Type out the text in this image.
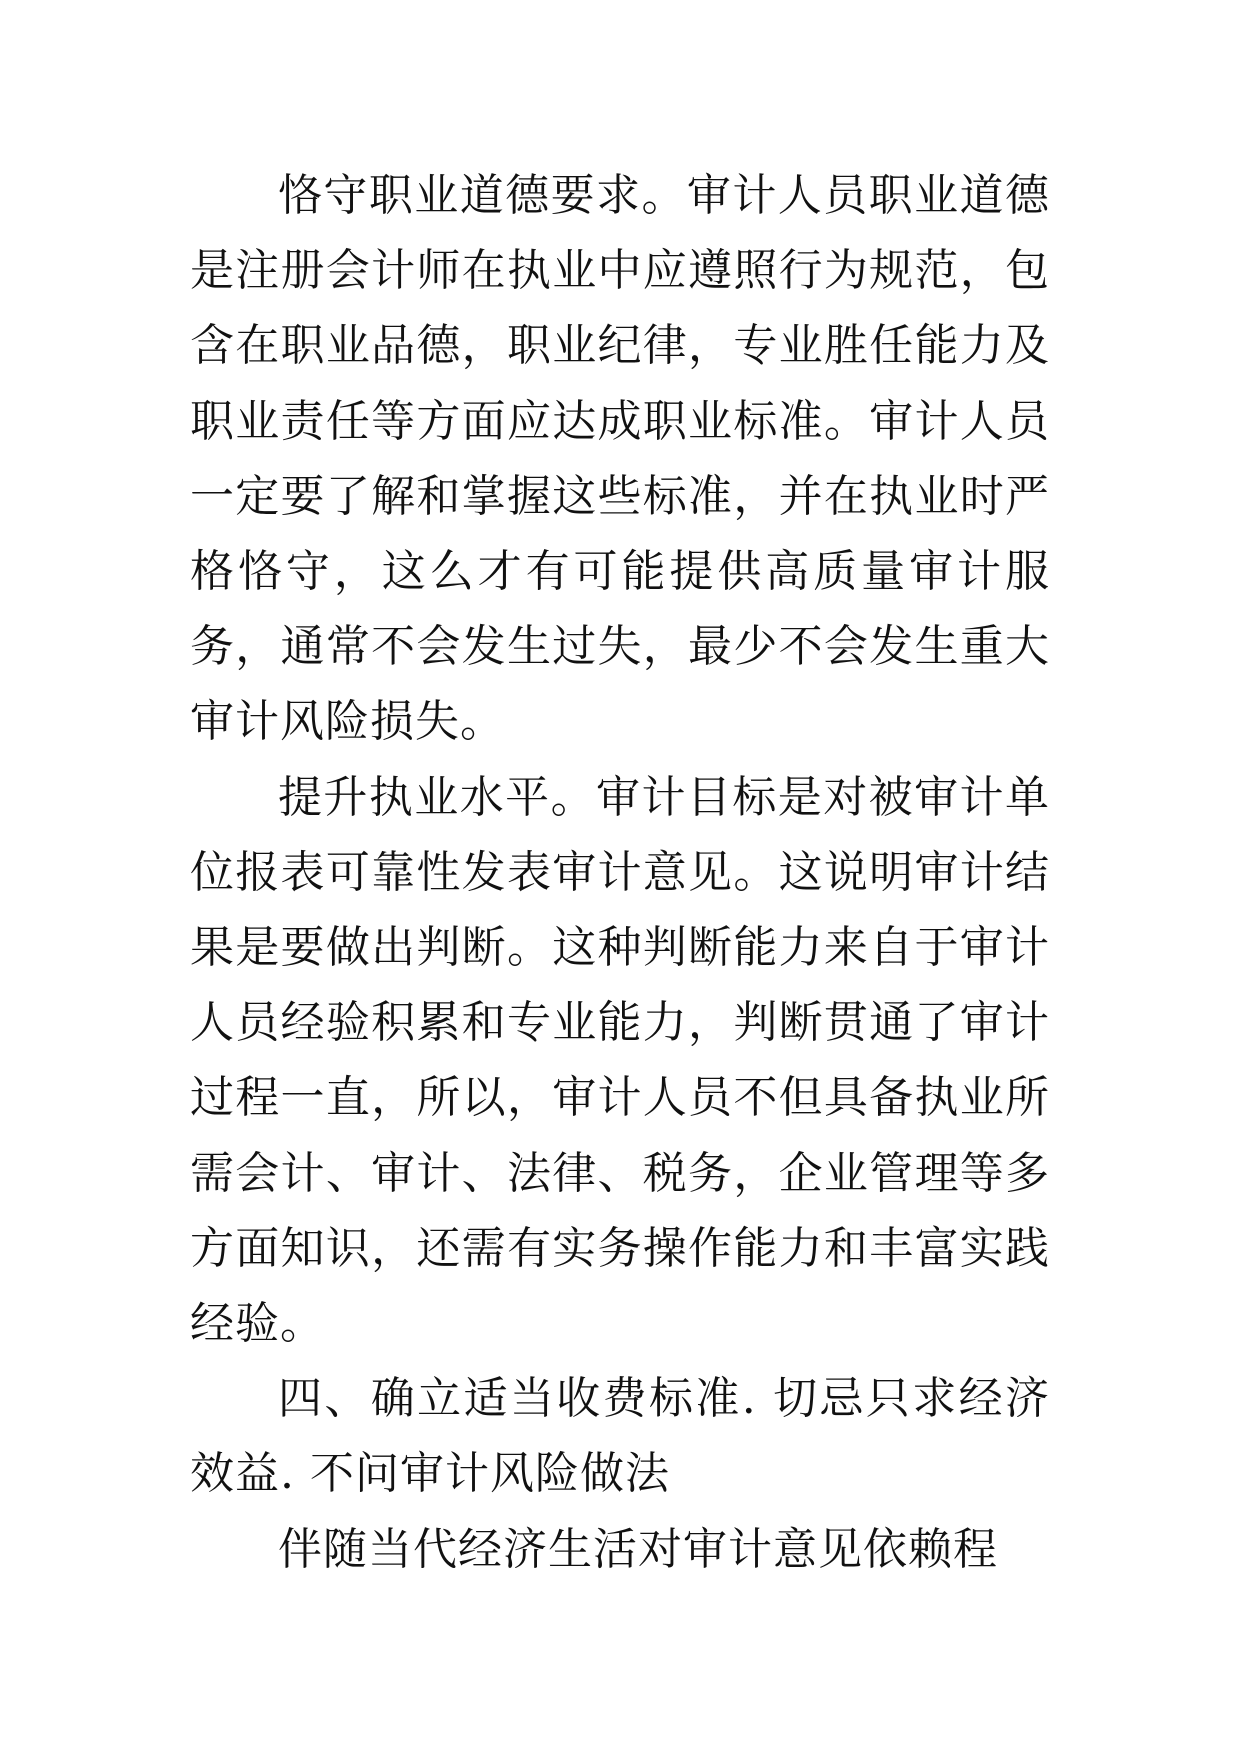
恪守职业道德要求。审计人员职业道德是注册会计师在执业中应遵照行为规范，包含在职业品德，职业纪律，专业胜任能力及职业责任等方面应达成职业标准。审计人员一定要了解和掌握这些标准，并在执业时严格恪守，这么才有可能提供高质量审计服务，通常不会发生过失，最少不会发生重大审计风险损失。

提升执业水平。审计目标是对被审计单位报表可靠性发表审计意见。这说明审计结果是要做出判断。这种判断能力来自于审计人员经验积累和专业能力，判断贯通了审计过程一直，所以，审计人员不但具备执业所需会计、审计、法律、税务，企业管理等多方面知识，还需有实务操作能力和丰富实践经验。

四、确立适当收费标准. 切忌只求经济效益. 不问审计风险做法

伴随当代经济生活对审计意见依赖程
